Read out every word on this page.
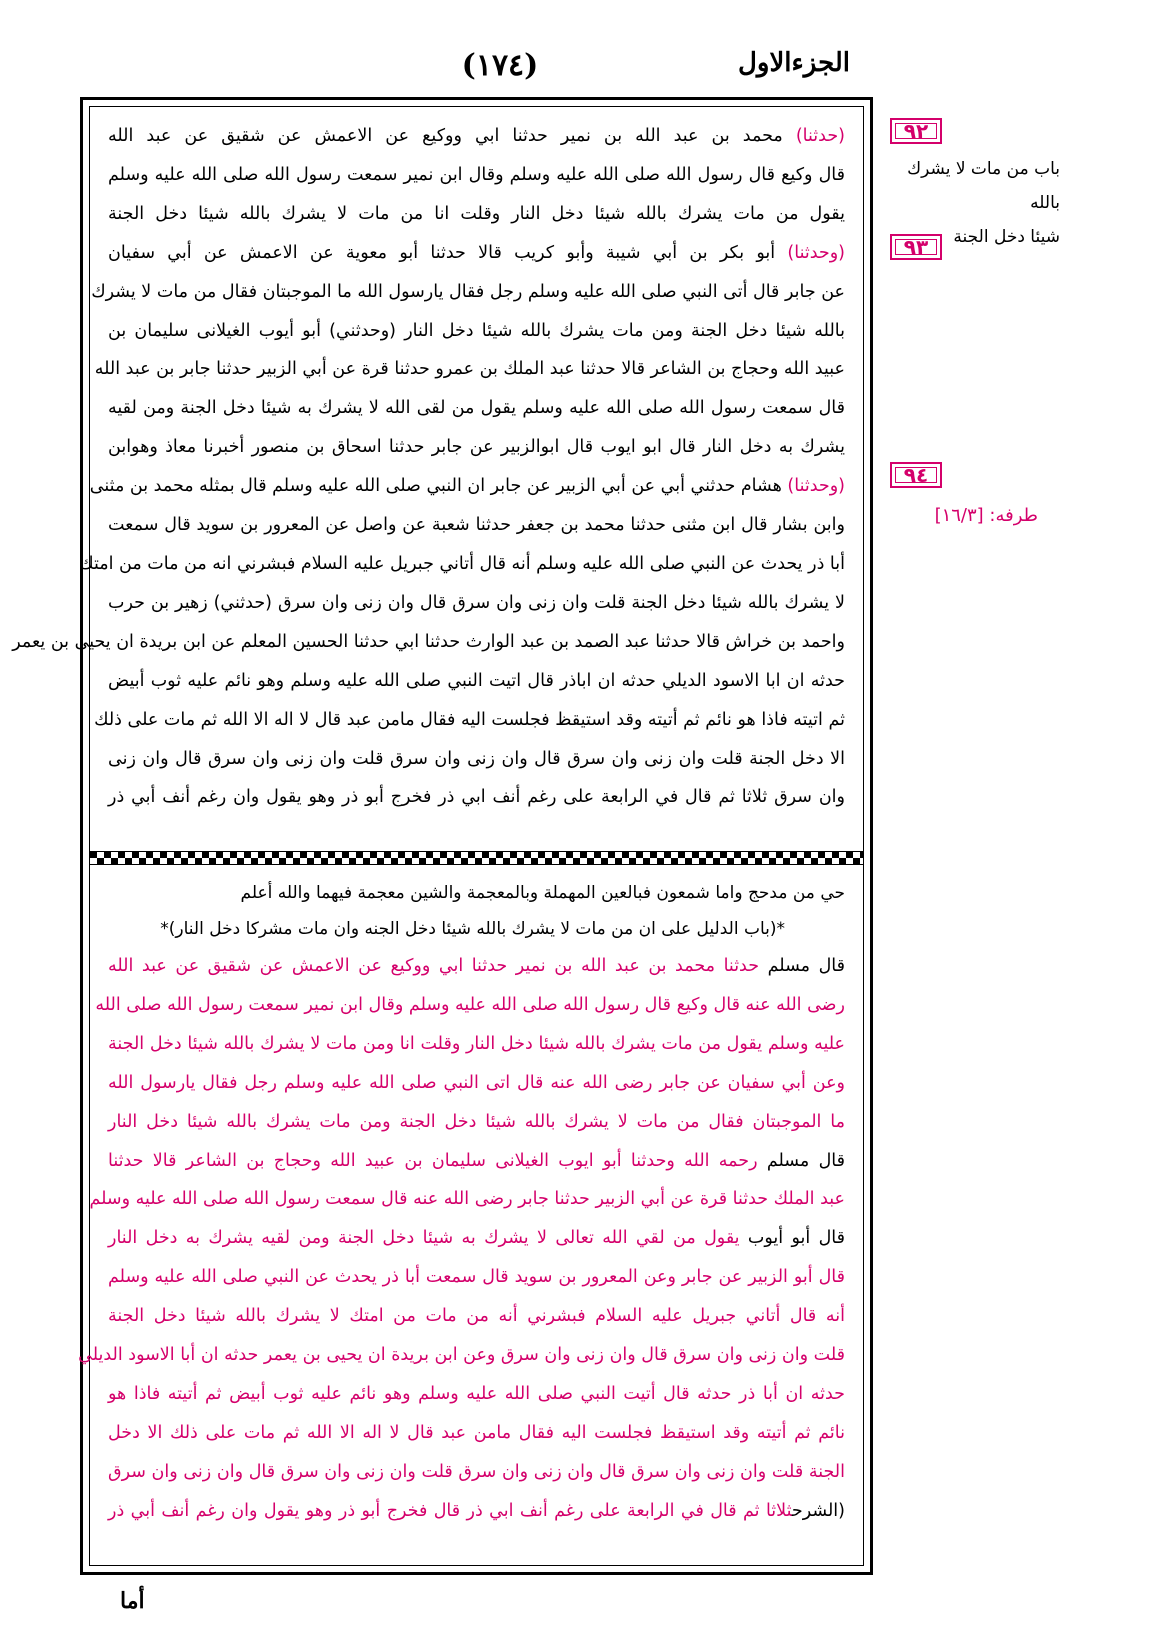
الجزءالاول
(١٧٤)
٩٢
باب من مات لا يشرك بالله
شيئا دخل الجنة
٩٣
٩٤
طرفه: [١٦/٣]
(حدثنا) محمد بن عبد الله بن نمير حدثنا ابي ووكيع عن الاعمش عن شقيق عن عبد الله
قال وكيع قال رسول الله صلى الله عليه وسلم وقال ابن نمير سمعت رسول الله صلى الله عليه وسلم
يقول من مات يشرك بالله شيئا دخل النار وقلت انا من مات لا يشرك بالله شيئا دخل الجنة
(وحدثنا) أبو بكر بن أبي شيبة وأبو كريب قالا حدثنا أبو معوية عن الاعمش عن أبي سفيان
عن جابر قال أتى النبي صلى الله عليه وسلم رجل فقال يارسول الله ما الموجبتان فقال من مات لا يشرك
بالله شيئا دخل الجنة ومن مات يشرك بالله شيئا دخل النار (وحدثني) أبو أيوب الغيلانى سليمان بن
عبيد الله وحجاج بن الشاعر قالا حدثنا عبد الملك بن عمرو حدثنا قرة عن أبي الزبير حدثنا جابر بن عبد الله
قال سمعت رسول الله صلى الله عليه وسلم يقول من لقى الله لا يشرك به شيئا دخل الجنة ومن لقيه
يشرك به دخل النار قال ابو ايوب قال ابوالزبير عن جابر حدثنا اسحاق بن منصور أخبرنا معاذ وهوابن
(وحدثنا) هشام حدثني أبي عن أبي الزبير عن جابر ان النبي صلى الله عليه وسلم قال بمثله محمد بن مثنى
وابن بشار قال ابن مثنى حدثنا محمد بن جعفر حدثنا شعبة عن واصل عن المعرور بن سويد قال سمعت
أبا ذر يحدث عن النبي صلى الله عليه وسلم أنه قال أتاني جبريل عليه السلام فبشرني انه من مات من امتك
لا يشرك بالله شيئا دخل الجنة قلت وان زنى وان سرق قال وان زنى وان سرق (حدثني) زهير بن حرب
واحمد بن خراش قالا حدثنا عبد الصمد بن عبد الوارث حدثنا ابي حدثنا الحسين المعلم عن ابن بريدة ان يحيى بن يعمر
حدثه ان ابا الاسود الديلي حدثه ان اباذر قال اتيت النبي صلى الله عليه وسلم وهو نائم عليه ثوب أبيض
ثم اتيته فاذا هو نائم ثم أتيته وقد استيقظ فجلست اليه فقال مامن عبد قال لا اله الا الله ثم مات على ذلك
الا دخل الجنة قلت وان زنى وان سرق قال وان زنى وان سرق قلت وان زنى وان سرق قال وان زنى
وان سرق ثلاثا ثم قال في الرابعة على رغم أنف ابي ذر فخرج أبو ذر وهو يقول وان رغم أنف أبي ذر
حي من مدحج واما شمعون فبالعين المهملة وبالمعجمة والشين معجمة فيهما والله أعلم
*(باب الدليل على ان من مات لا يشرك بالله شيئا دخل الجنه وان مات مشركا دخل النار)*
قال مسلم حدثنا محمد بن عبد الله بن نمير حدثنا ابي ووكيع عن الاعمش عن شقيق عن عبد الله
رضى الله عنه قال وكيع قال رسول الله صلى الله عليه وسلم وقال ابن نمير سمعت رسول الله صلى الله
عليه وسلم يقول من مات يشرك بالله شيئا دخل النار وقلت انا ومن مات لا يشرك بالله شيئا دخل الجنة
وعن أبي سفيان عن جابر رضى الله عنه قال اتى النبي صلى الله عليه وسلم رجل فقال يارسول الله
ما الموجبتان فقال من مات لا يشرك بالله شيئا دخل الجنة ومن مات يشرك بالله شيئا دخل النار
قال مسلم رحمه الله وحدثنا أبو ايوب الغيلانى سليمان بن عبيد الله وحجاج بن الشاعر قالا حدثنا
عبد الملك حدثنا قرة عن أبي الزبير حدثنا جابر رضى الله عنه قال سمعت رسول الله صلى الله عليه وسلم
قال أبو أيوب يقول من لقي الله تعالى لا يشرك به شيئا دخل الجنة ومن لقيه يشرك به دخل النار
قال أبو الزبير عن جابر وعن المعرور بن سويد قال سمعت أبا ذر يحدث عن النبي صلى الله عليه وسلم
أنه قال أتاني جبريل عليه السلام فبشرني أنه من مات من امتك لا يشرك بالله شيئا دخل الجنة
قلت وان زنى وان سرق قال وان زنى وان سرق وعن ابن بريدة ان يحيى بن يعمر حدثه ان أبا الاسود الديلي
حدثه ان أبا ذر حدثه قال أتيت النبي صلى الله عليه وسلم وهو نائم عليه ثوب أبيض ثم أتيته فاذا هو
نائم ثم أتيته وقد استيقظ فجلست اليه فقال مامن عبد قال لا اله الا الله ثم مات على ذلك الا دخل
الجنة قلت وان زنى وان سرق قال وان زنى وان سرق قلت وان زنى وان سرق قال وان زنى وان سرق
(الشرحثلاثا ثم قال في الرابعة على رغم أنف ابي ذر قال فخرج أبو ذر وهو يقول وان رغم أنف أبي ذر
أما
